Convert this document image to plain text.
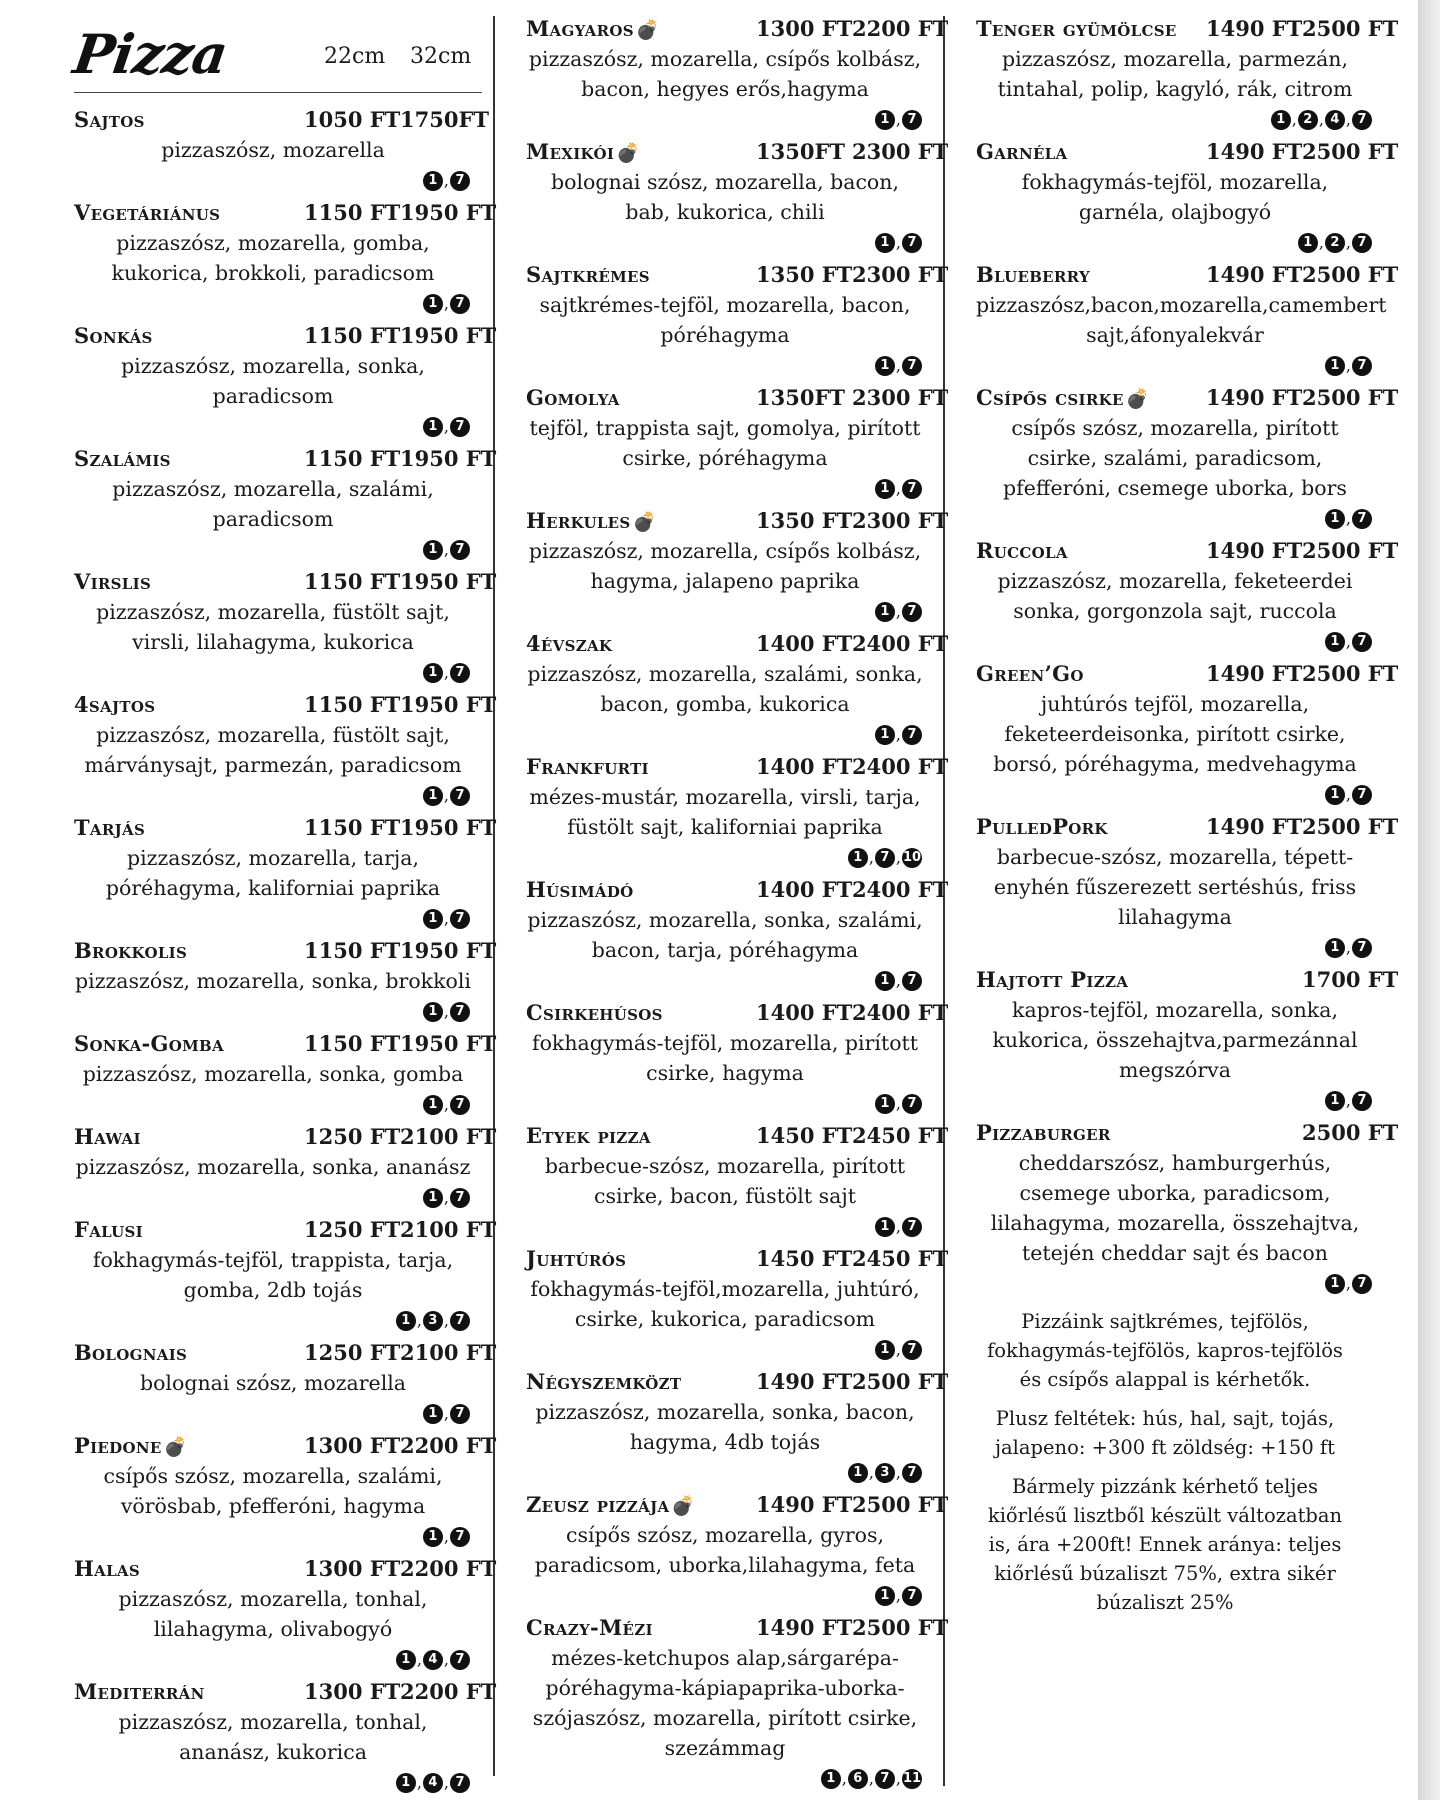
Pizza	22cm 32cm
Sajtos	1050 FT 1750FT
pizzaszósz, mozarella
1 , 7
Vegetáriánus	1150 FT 1950 FT
pizzaszósz, mozarella, gomba, kukorica, brokkoli, paradicsom
1 , 7
Sonkás	1150 FT 1950 FT
pizzaszósz, mozarella, sonka, paradicsom
1 , 7
Szalámis	1150 FT 1950 FT
pizzaszósz, mozarella, szalámi, paradicsom
1 , 7
Virslis	1150 FT 1950 FT
pizzaszósz, mozarella, füstölt sajt, virsli, lilahagyma, kukorica
1 , 7
4sajtos	1150 FT 1950 FT
pizzaszósz, mozarella, füstölt sajt, márványsajt, parmezán, paradicsom
1 , 7
Tarjás	1150 FT 1950 FT
pizzaszósz, mozarella, tarja, póréhagyma, kaliforniai paprika
1 , 7
Brokkolis	1150 FT 1950 FT
pizzaszósz, mozarella, sonka, brokkoli
1 , 7
Sonka-Gomba	1150 FT 1950 FT
pizzaszósz, mozarella, sonka, gomba
1 , 7
Hawai	1250 FT 2100 FT
pizzaszósz, mozarella, sonka, ananász
1 , 7
Falusi	1250 FT 2100 FT
fokhagymás-tejföl, trappista, tarja, gomba, 2db tojás
1 , 3 , 7
Bolognais	1250 FT 2100 FT
bolognai szósz, mozarella
1 , 7
Piedone 💣	1300 FT 2200 FT
csípős szósz, mozarella, szalámi, vörösbab, pfefferóni, hagyma
1 , 7
Halas	1300 FT 2200 FT
pizzaszósz, mozarella, tonhal, lilahagyma, olivabogyó
1 , 4 , 7
Mediterrán	1300 FT 2200 FT
pizzaszósz, mozarella, tonhal, ananász, kukorica
1 , 4 , 7
Magyaros 💣	1300 FT 2200 FT
pizzaszósz, mozarella, csípős kolbász, bacon, hegyes erős,hagyma
1 , 7
Mexikói 💣	1350FT 2300 FT
bolognai szósz, mozarella, bacon, bab, kukorica, chili
1 , 7
Sajtkrémes	1350 FT 2300 FT
sajtkrémes-tejföl, mozarella, bacon, póréhagyma
1 , 7
Gomolya	1350FT 2300 FT
tejföl, trappista sajt, gomolya, pirított csirke, póréhagyma
1 , 7
Herkules 💣	1350 FT 2300 FT
pizzaszósz, mozarella, csípős kolbász, hagyma, jalapeno paprika
1 , 7
4évszak	1400 FT 2400 FT
pizzaszósz, mozarella, szalámi, sonka, bacon, gomba, kukorica
1 , 7
Frankfurti	1400 FT 2400 FT
mézes-mustár, mozarella, virsli, tarja, füstölt sajt, kaliforniai paprika
1 , 7 , 10
Húsimádó	1400 FT 2400 FT
pizzaszósz, mozarella, sonka, szalámi, bacon, tarja, póréhagyma
1 , 7
Csirkehúsos	1400 FT 2400 FT
fokhagymás-tejföl, mozarella, pirított csirke, hagyma
1 , 7
Etyek pizza	1450 FT 2450 FT
barbecue-szósz, mozarella, pirított csirke, bacon, füstölt sajt
1 , 7
Juhtúrós	1450 FT 2450 FT
fokhagymás-tejföl,mozarella, juhtúró, csirke, kukorica, paradicsom
1 , 7
Négyszemközt	1490 FT 2500 FT
pizzaszósz, mozarella, sonka, bacon, hagyma, 4db tojás
1 , 3 , 7
Zeusz pizzája 💣	1490 FT 2500 FT
csípős szósz, mozarella, gyros, paradicsom, uborka,lilahagyma, feta
1 , 7
Crazy-Mézi	1490 FT 2500 FT
mézes-ketchupos alap,sárgarépa-póréhagyma-kápiapaprika-uborka-szójaszósz, mozarella, pirított csirke, szezámmag
1 , 6 , 7 , 11
Tenger gyümölcse 1490 FT 2500 FT
pizzaszósz, mozarella, parmezán, tintahal, polip, kagyló, rák, citrom
1 , 2 , 4 , 7
Garnéla	1490 FT 2500 FT
fokhagymás-tejföl, mozarella, garnéla, olajbogyó
1 , 2 , 7
Blueberry	1490 FT 2500 FT
pizzaszósz,bacon,mozarella,camembert sajt,áfonyalekvár
1 , 7
Csípős csirke 💣	1490 FT 2500 FT
csípős szósz, mozarella, pirított csirke, szalámi, paradicsom, pfefferóni, csemege uborka, bors
1 , 7
Ruccola	1490 FT 2500 FT
pizzaszósz, mozarella, feketeerdei sonka, gorgonzola sajt, ruccola
1 , 7
Green’Go	1490 FT 2500 FT
juhtúrós tejföl, mozarella, feketeerdeisonka, pirított csirke, borsó, póréhagyma, medvehagyma
1 , 7
PulledPork	1490 FT 2500 FT
barbecue-szósz, mozarella, tépett-enyhén fűszerezett sertéshús, friss lilahagyma
1 , 7
Hajtott Pizza	1700 FT
kapros-tejföl, mozarella, sonka, kukorica, összehajtva,parmezánnal megszórva
1 , 7
Pizzaburger	2500 FT
cheddarszósz, hamburgerhús, csemege uborka, paradicsom, lilahagyma, mozarella, összehajtva, tetején cheddar sajt és bacon
1 , 7
Pizzáink sajtkrémes, tejfölös, fokhagymás-tejfölös, kapros-tejfölös és csípős alappal is kérhetők.
Plusz feltétek: hús, hal, sajt, tojás, jalapeno: +300 ft zöldség: +150 ft
Bármely pizzánk kérhető teljes kiőrlésű lisztből készült változatban is, ára +200ft! Ennek aránya: teljes kiőrlésű búzaliszt 75%, extra sikér búzaliszt 25%
